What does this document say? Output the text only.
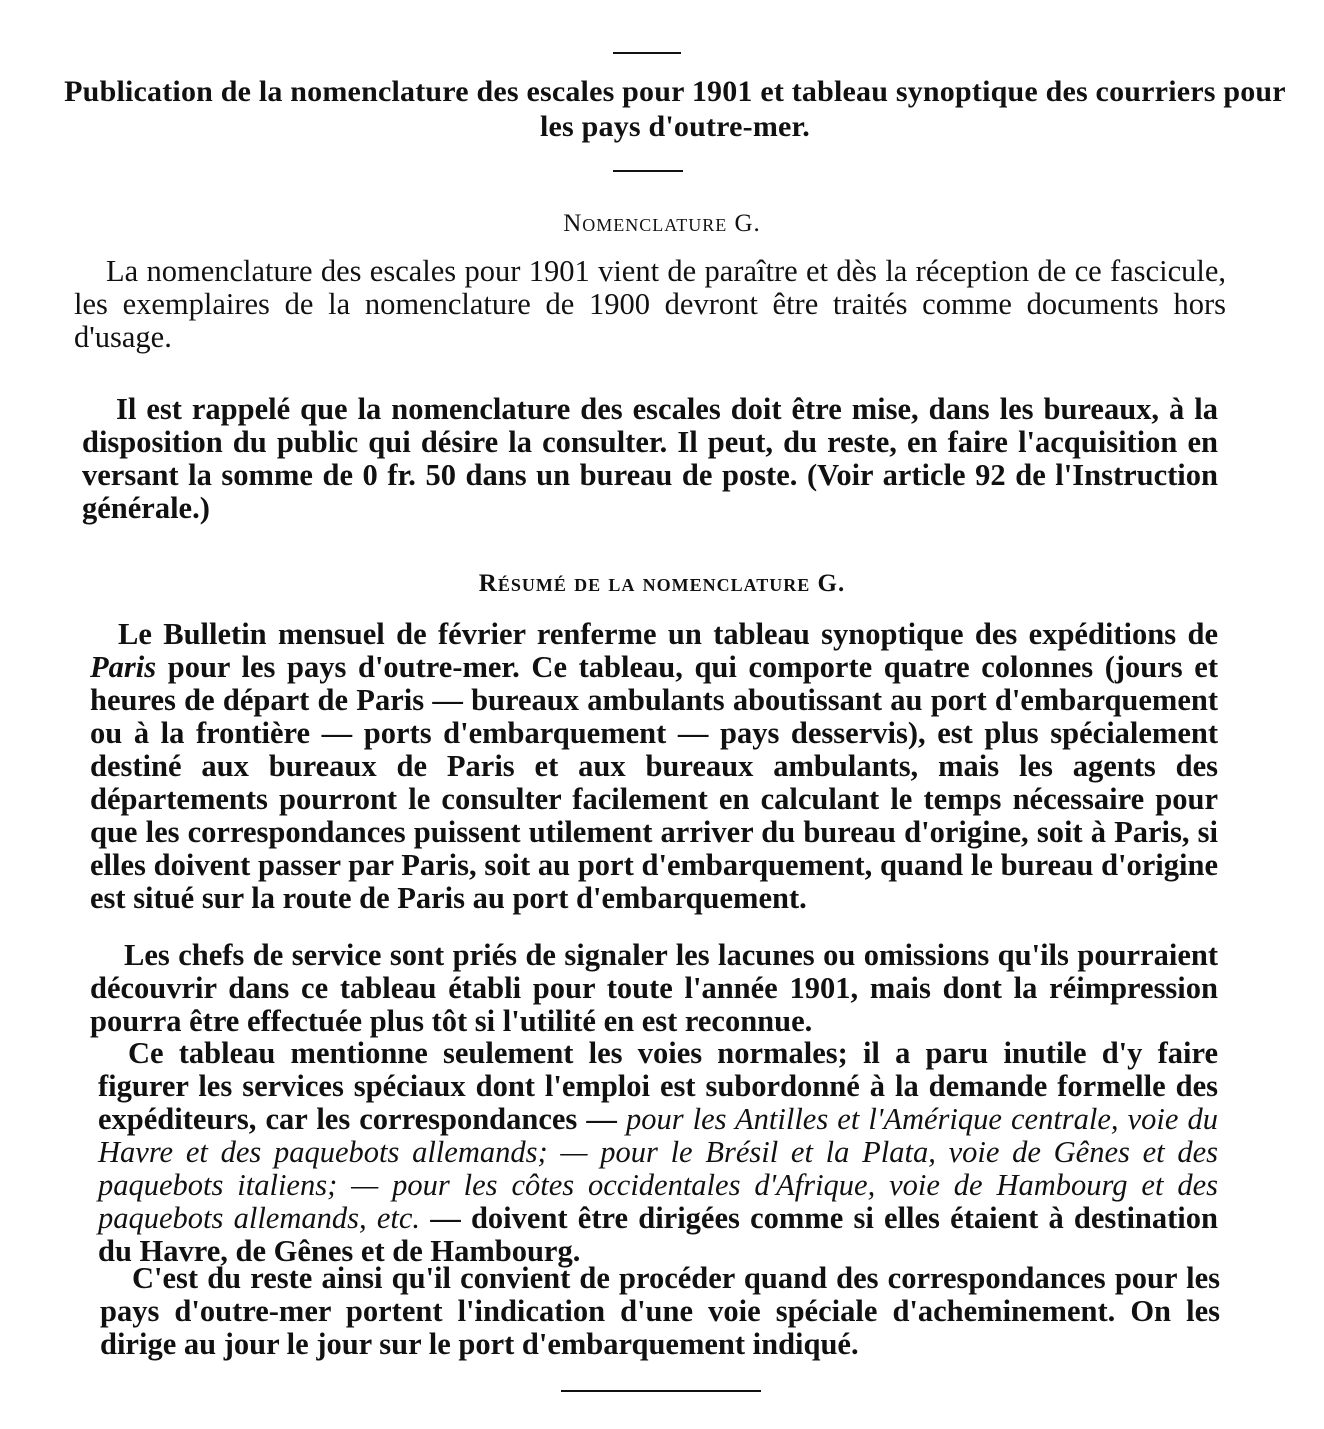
Publication de la nomenclature des escales pour 1901 et tableau synoptique des courriers pour les pays d'outre-mer.
Nomenclature G.

La nomenclature des escales pour 1901 vient de paraître et dès la réception de ce fascicule, les exemplaires de la nomenclature de 1900 devront être traités comme documents hors d'usage.

Il est rappelé que la nomenclature des escales doit être mise, dans les bureaux, à la disposition du public qui désire la consulter. Il peut, du reste, en faire l'acquisition en versant la somme de 0 fr. 50 dans un bureau de poste. (Voir article 92 de l'Instruction générale.)

Résumé de la nomenclature G.

Le Bulletin mensuel de février renferme un tableau synoptique des expéditions de Paris pour les pays d'outre-mer. Ce tableau, qui comporte quatre colonnes (jours et heures de départ de Paris — bureaux ambulants aboutissant au port d'embarquement ou à la frontière — ports d'embarquement — pays desservis), est plus spécialement destiné aux bureaux de Paris et aux bureaux ambulants, mais les agents des départements pourront le consulter facilement en calculant le temps nécessaire pour que les correspondances puissent utilement arriver du bureau d'origine, soit à Paris, si elles doivent passer par Paris, soit au port d'embarquement, quand le bureau d'origine est situé sur la route de Paris au port d'embarquement.

Les chefs de service sont priés de signaler les lacunes ou omissions qu'ils pourraient découvrir dans ce tableau établi pour toute l'année 1901, mais dont la réimpression pourra être effectuée plus tôt si l'utilité en est reconnue.

Ce tableau mentionne seulement les voies normales; il a paru inutile d'y faire figurer les services spéciaux dont l'emploi est subordonné à la demande formelle des expéditeurs, car les correspondances — pour les Antilles et l'Amérique centrale, voie du Havre et des paquebots allemands; — pour le Brésil et la Plata, voie de Gênes et des paquebots italiens; — pour les côtes occidentales d'Afrique, voie de Hambourg et des paquebots allemands, etc. — doivent être dirigées comme si elles étaient à destination du Havre, de Gênes et de Hambourg.

C'est du reste ainsi qu'il convient de procéder quand des correspondances pour les pays d'outre-mer portent l'indication d'une voie spéciale d'acheminement. On les dirige au jour le jour sur le port d'embarquement indiqué.
